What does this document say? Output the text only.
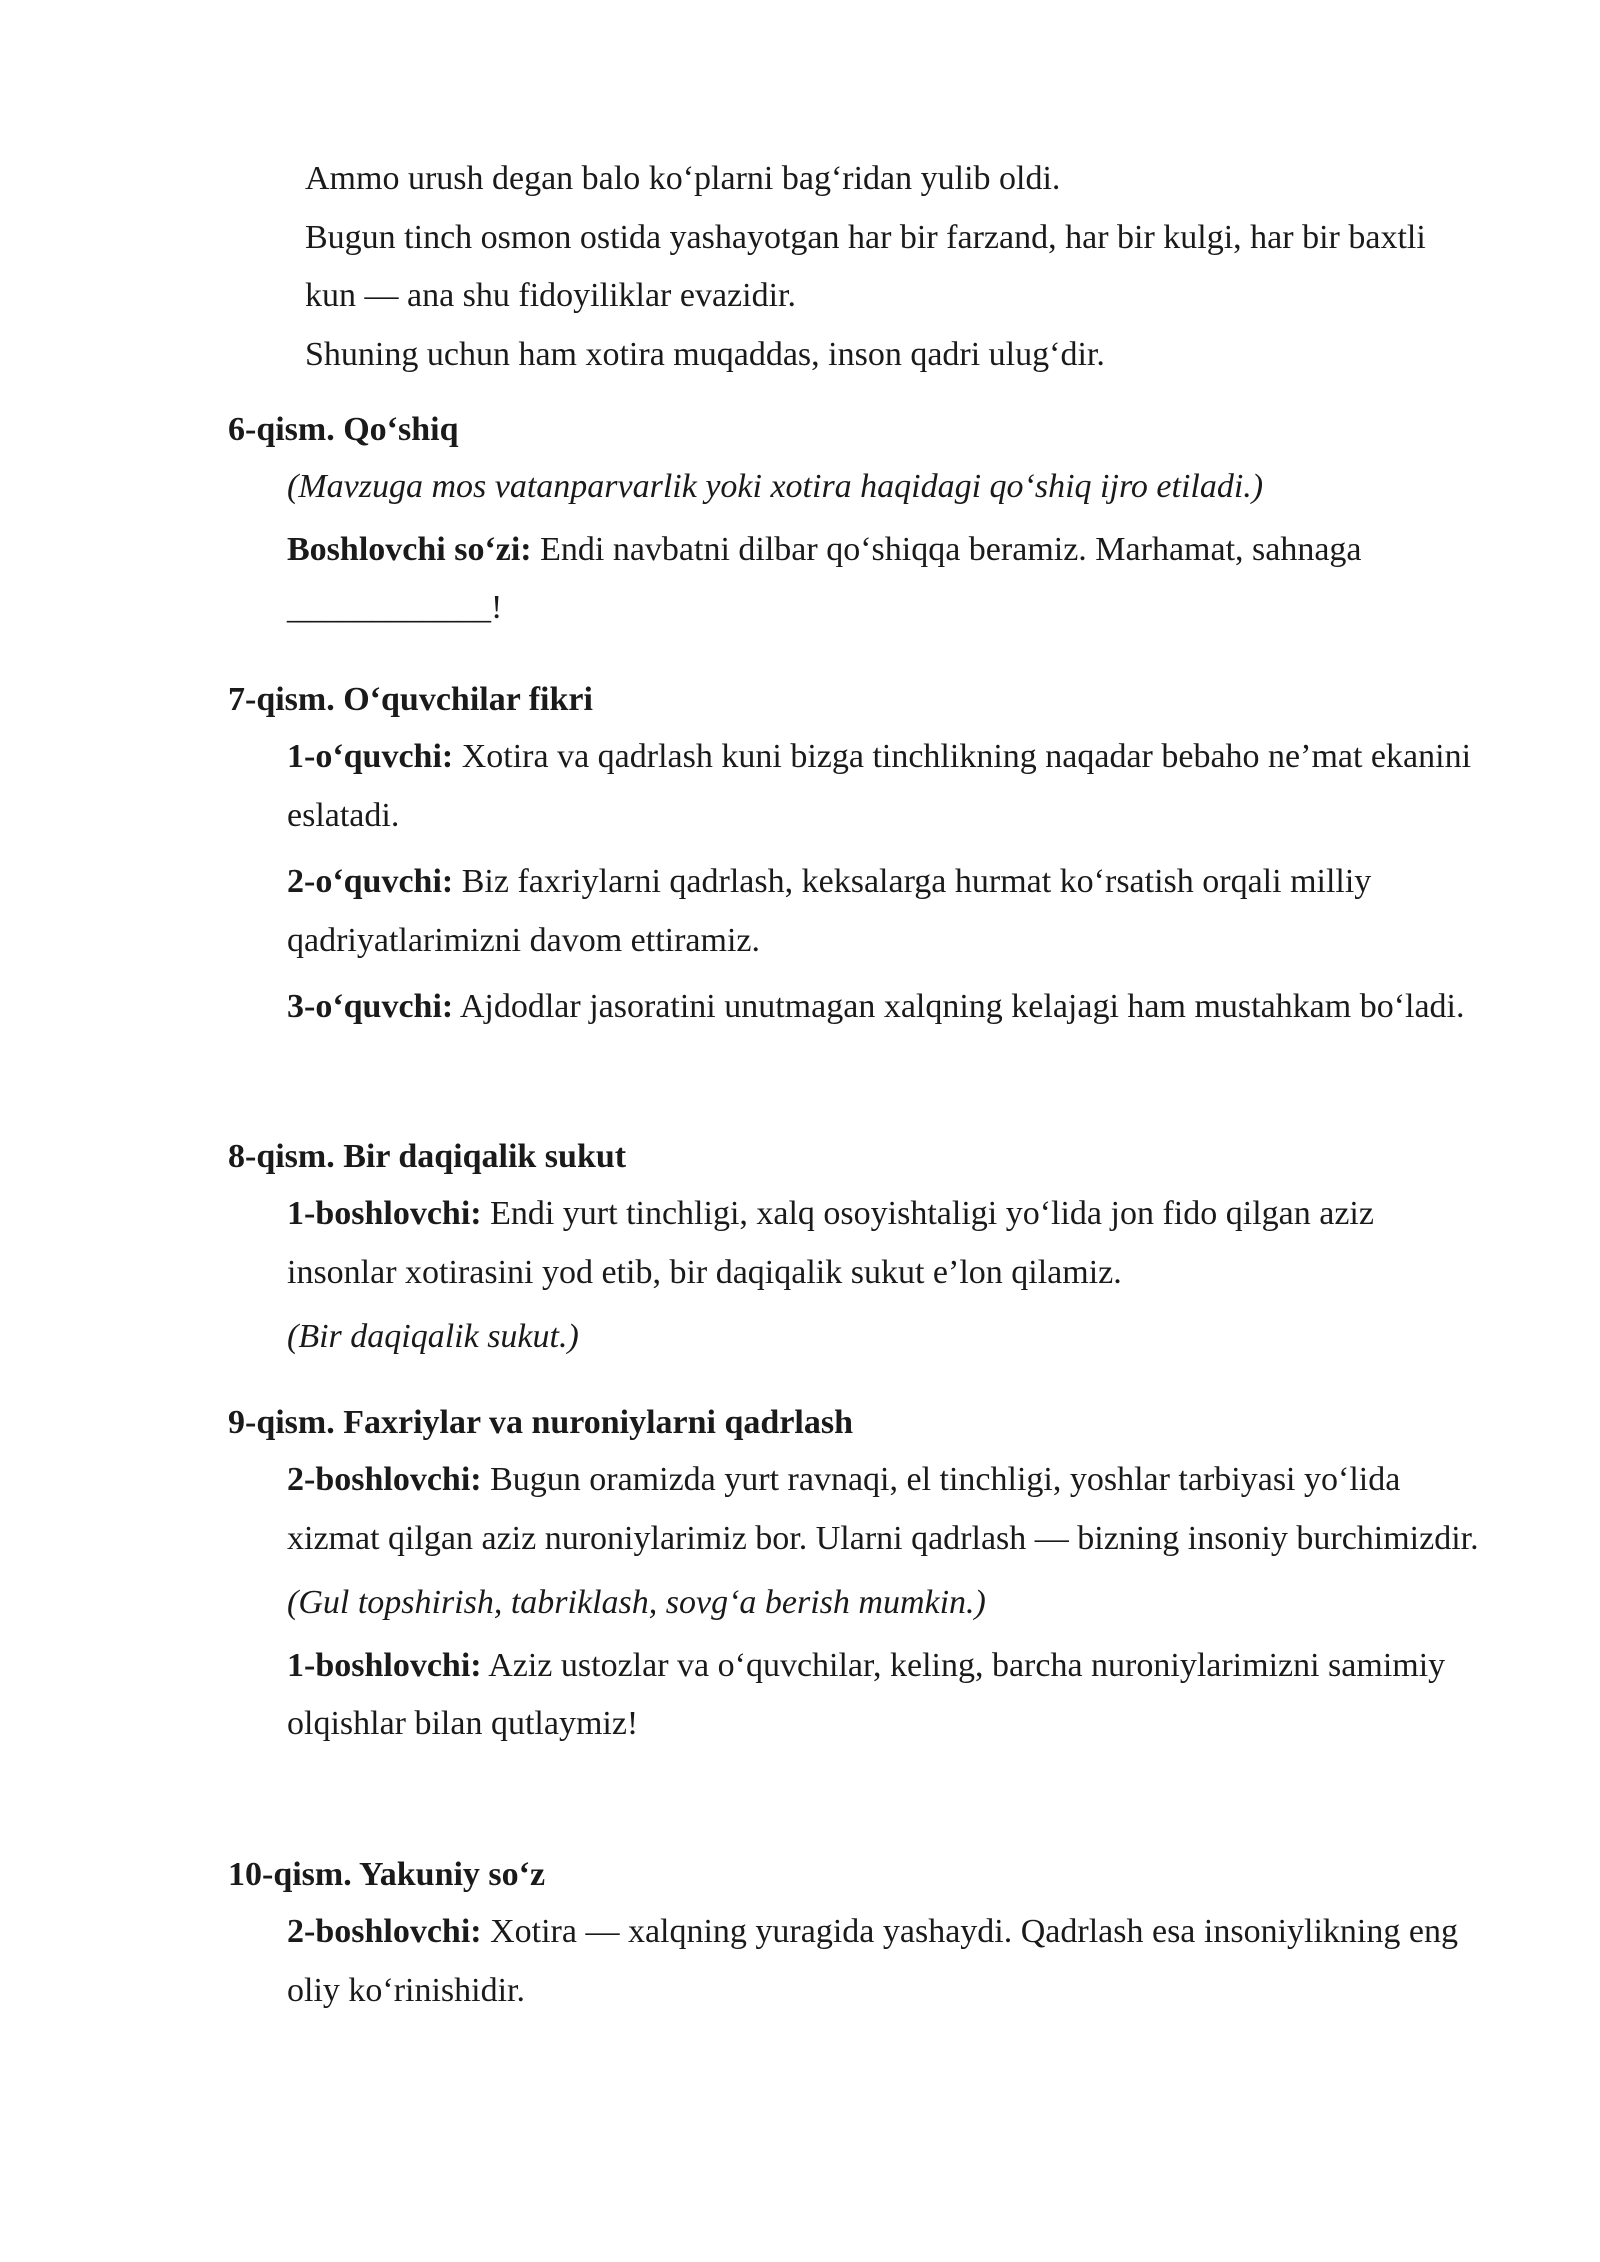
Ammo urush degan balo ko‘plarni bag‘ridan yulib oldi.

Bugun tinch osmon ostida yashayotgan har bir farzand, har bir kulgi, har bir baxtli kun — ana shu fidoyiliklar evazidir.

Shuning uchun ham xotira muqaddas, inson qadri ulug‘dir.

6-qism. Qo‘shiq

(Mavzuga mos vatanparvarlik yoki xotira haqidagi qo‘shiq ijro etiladi.)

Boshlovchi so‘zi: Endi navbatni dilbar qo‘shiqqa beramiz. Marhamat, sahnaga ____________!

7-qism. O‘quvchilar fikri

1-o‘quvchi: Xotira va qadrlash kuni bizga tinchlikning naqadar bebaho ne’mat ekanini eslatadi.

2-o‘quvchi: Biz faxriylarni qadrlash, keksalarga hurmat ko‘rsatish orqali milliy qadriyatlarimizni davom ettiramiz.

3-o‘quvchi: Ajdodlar jasoratini unutmagan xalqning kelajagi ham mustahkam bo‘ladi.

8-qism. Bir daqiqalik sukut

1-boshlovchi: Endi yurt tinchligi, xalq osoyishtaligi yo‘lida jon fido qilgan aziz insonlar xotirasini yod etib, bir daqiqalik sukut e’lon qilamiz.

(Bir daqiqalik sukut.)

9-qism. Faxriylar va nuroniylarni qadrlash

2-boshlovchi: Bugun oramizda yurt ravnaqi, el tinchligi, yoshlar tarbiyasi yo‘lida xizmat qilgan aziz nuroniylarimiz bor. Ularni qadrlash — bizning insoniy burchimizdir.

(Gul topshirish, tabriklash, sovg‘a berish mumkin.)

1-boshlovchi: Aziz ustozlar va o‘quvchilar, keling, barcha nuroniylarimizni samimiy olqishlar bilan qutlaymiz!

10-qism. Yakuniy so‘z

2-boshlovchi: Xotira — xalqning yuragida yashaydi. Qadrlash esa insoniylikning eng oliy ko‘rinishidir.
